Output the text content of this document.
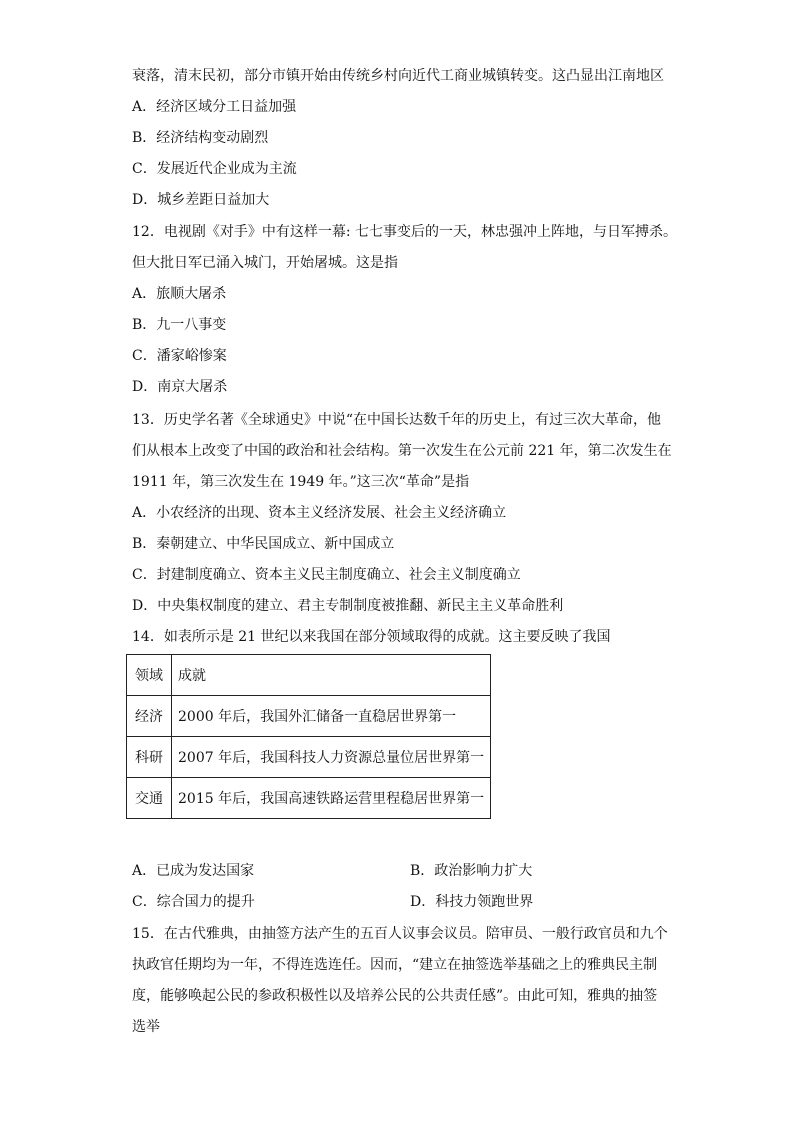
衰落，清末民初，部分市镇开始由传统乡村向近代工商业城镇转变。这凸显出江南地区
A．经济区域分工日益加强
B．经济结构变动剧烈
C．发展近代企业成为主流
D．城乡差距日益加大
12．电视剧《对手》中有这样一幕: 七七事变后的一天，林忠强冲上阵地，与日军搏杀。
但大批日军已涌入城门，开始屠城。这是指
A．旅顺大屠杀
B．九一八事变
C．潘家峪惨案
D．南京大屠杀
13．历史学名著《全球通史》中说“在中国长达数千年的历史上，有过三次大革命，他
们从根本上改变了中国的政治和社会结构。第一次发生在公元前 221 年，第二次发生在
1911 年，第三次发生在 1949 年。”这三次“革命”是指
A．小农经济的出现、资本主义经济发展、社会主义经济确立
B．秦朝建立、中华民国成立、新中国成立
C．封建制度确立、资本主义民主制度确立、社会主义制度确立
D．中央集权制度的建立、君主专制制度被推翻、新民主主义革命胜利
14．如表所示是 21 世纪以来我国在部分领域取得的成就。这主要反映了我国
领域	成就
经济	2000 年后，我国外汇储备一直稳居世界第一
科研	2007 年后，我国科技人力资源总量位居世界第一
交通	2015 年后，我国高速铁路运营里程稳居世界第一
A．已成为发达国家	B．政治影响力扩大
C．综合国力的提升	D．科技力领跑世界
15．在古代雅典，由抽签方法产生的五百人议事会议员。陪审员、一般行政官员和九个
执政官任期均为一年，不得连选连任。因而，“建立在抽签选举基础之上的雅典民主制
度，能够唤起公民的参政积极性以及培养公民的公共责任感”。由此可知，雅典的抽签
选举
